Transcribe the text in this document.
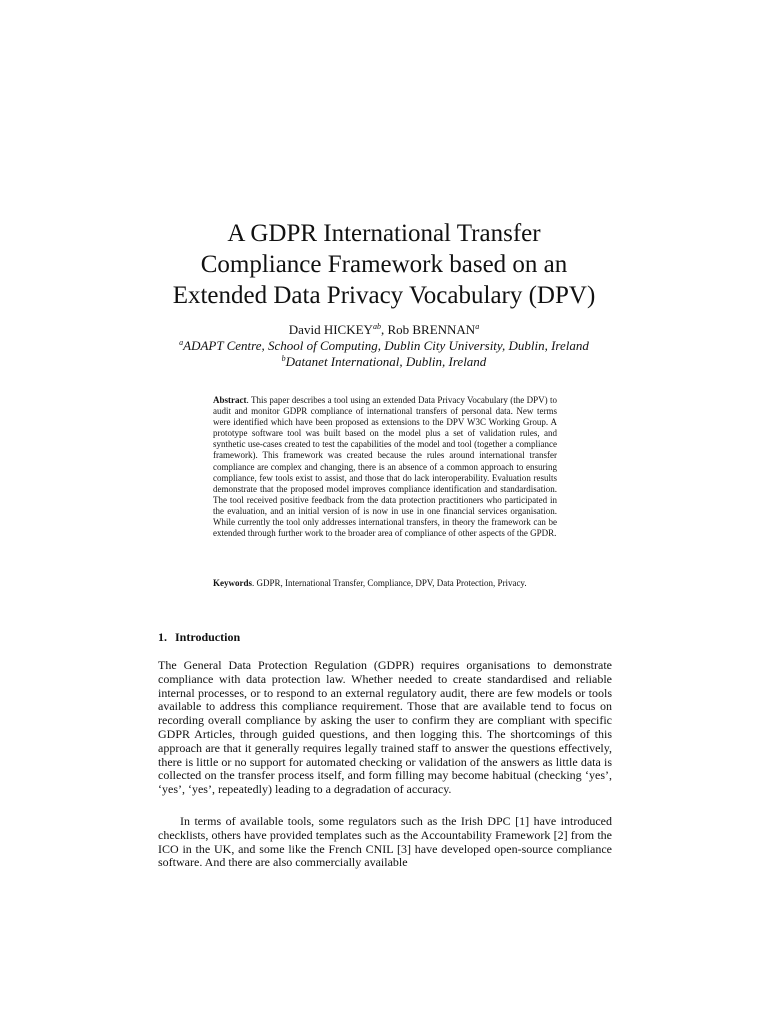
A GDPR International Transfer
Compliance Framework based on an
Extended Data Privacy Vocabulary (DPV)
David $HICKEY^{ab}$, Rob BRENNAN$^a$
$^a$ADAPT Centre, School of Computing, Dublin City University, Dublin, Ireland
$^b$Datanet International, Dublin, Ireland

Abstract. This paper describes a tool using an extended Data Privacy Vocabulary (the DPV) to audit and monitor GDPR compliance of international transfers of personal data. New terms were identified which have been proposed as extensions to the DPV W3C Working Group. A prototype software tool was built based on the model plus a set of validation rules, and synthetic use-cases created to test the capabilities of the model and tool (together a compliance framework). This framework was created because the rules around international transfer compliance are complex and changing, there is an absence of a common approach to ensuring compliance, few tools exist to assist, and those that do lack interoperability. Evaluation results demonstrate that the proposed model improves compliance identification and standardisation. The tool received positive feedback from the data protection practitioners who participated in the evaluation, and an initial version of is now in use in one financial services organisation. While currently the tool only addresses international transfers, in theory the framework can be extended through further work to the broader area of compliance of other aspects of the GPDR.

Keywords. GDPR, International Transfer, Compliance, DPV, Data Protection, Privacy.

1. Introduction

The General Data Protection Regulation (GDPR) requires organisations to demonstrate compliance with data protection law. Whether needed to create standardised and reliable internal processes, or to respond to an external regulatory audit, there are few models or tools available to address this compliance requirement. Those that are available tend to focus on recording overall compliance by asking the user to confirm they are compliant with specific GDPR Articles, through guided questions, and then logging this. The shortcomings of this approach are that it generally requires legally trained staff to answer the questions effectively, there is little or no support for automated checking or validation of the answers as little data is collected on the transfer process itself, and form filling may become habitual (checking ‘yes’, ‘yes’, ‘yes’, repeatedly) leading to a degradation of accuracy.

In terms of available tools, some regulators such as the Irish DPC [1] have introduced checklists, others have provided templates such as the Accountability Framework [2] from the ICO in the UK, and some like the French CNIL [3] have developed open-source compliance software. And there are also commercially available
